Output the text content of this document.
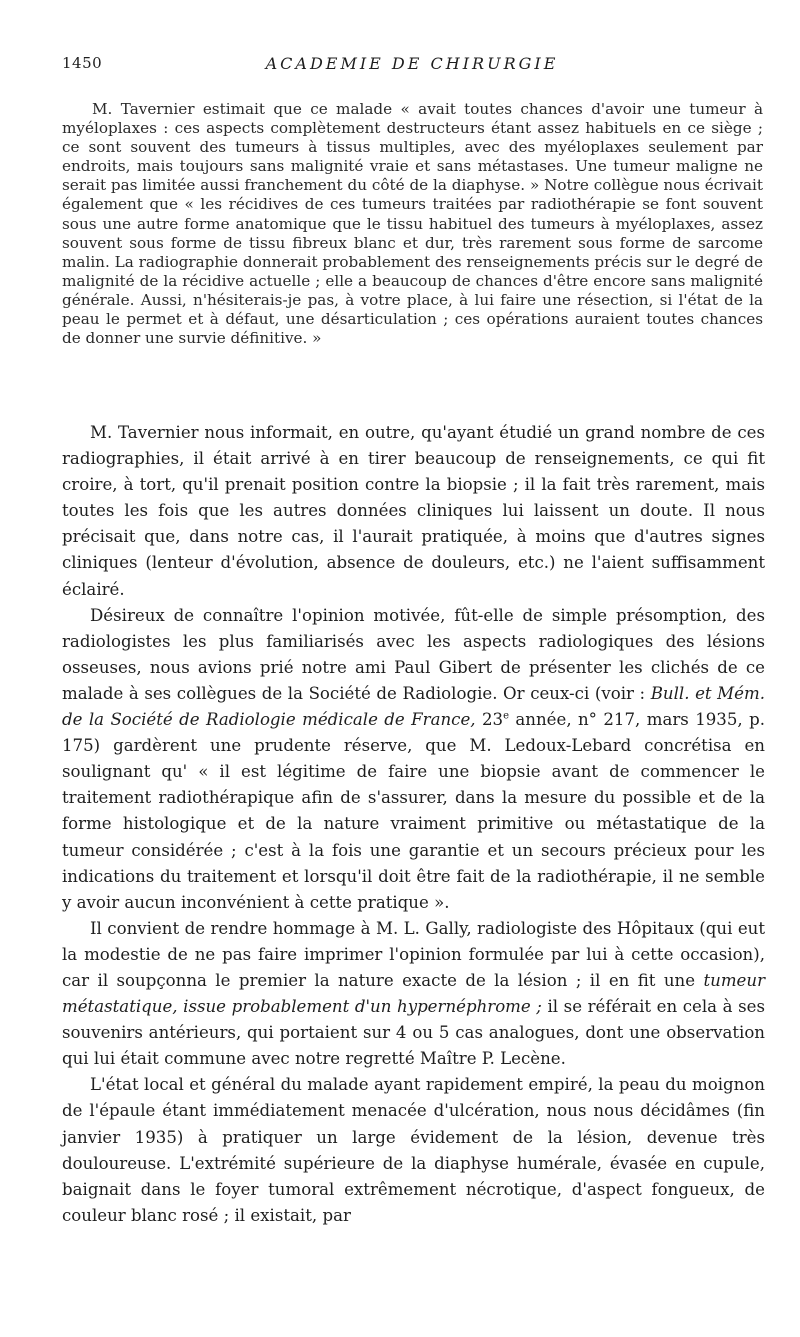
1450	ACADEMIE DE CHIRURGIE

M. Tavernier estimait que ce malade « avait toutes chances d'avoir une tumeur à myéloplaxes : ces aspects complètement destructeurs étant assez habituels en ce siège ; ce sont souvent des tumeurs à tissus multiples, avec des myéloplaxes seulement par endroits, mais toujours sans malignité vraie et sans métastases. Une tumeur maligne ne serait pas limitée aussi franchement du côté de la diaphyse. » Notre collègue nous écrivait également que « les récidives de ces tumeurs traitées par radiothérapie se font souvent sous une autre forme anatomique que le tissu habituel des tumeurs à myéloplaxes, assez souvent sous forme de tissu fibreux blanc et dur, très rarement sous forme de sarcome malin. La radiographie donnerait probablement des renseignements précis sur le degré de malignité de la récidive actuelle ; elle a beaucoup de chances d'être encore sans malignité générale. Aussi, n'hésiterais-je pas, à votre place, à lui faire une résection, si l'état de la peau le permet et à défaut, une désarticulation ; ces opérations auraient toutes chances de donner une survie définitive. »

M. Tavernier nous informait, en outre, qu'ayant étudié un grand nombre de ces radiographies, il était arrivé à en tirer beaucoup de renseignements, ce qui fit croire, à tort, qu'il prenait position contre la biopsie ; il la fait très rarement, mais toutes les fois que les autres données cliniques lui laissent un doute. Il nous précisait que, dans notre cas, il l'aurait pratiquée, à moins que d'autres signes cliniques (lenteur d'évolution, absence de douleurs, etc.) ne l'aient suffisamment éclairé.

Désireux de connaître l'opinion motivée, fût-elle de simple présomption, des radiologistes les plus familiarisés avec les aspects radiologiques des lésions osseuses, nous avions prié notre ami Paul Gibert de présenter les clichés de ce malade à ses collègues de la Société de Radiologie. Or ceux-ci (voir : Bull. et Mém. de la Société de Radiologie médicale de France, 23e année, n° 217, mars 1935, p. 175) gardèrent une prudente réserve, que M. Ledoux-Lebard concrétisa en soulignant qu' « il est légitime de faire une biopsie avant de commencer le traitement radiothérapique afin de s'assurer, dans la mesure du possible et de la forme histologique et de la nature vraiment primitive ou métastatique de la tumeur considérée ; c'est à la fois une garantie et un secours précieux pour les indications du traitement et lorsqu'il doit être fait de la radiothérapie, il ne semble y avoir aucun inconvénient à cette pratique ».

Il convient de rendre hommage à M. L. Gally, radiologiste des Hôpitaux (qui eut la modestie de ne pas faire imprimer l'opinion formulée par lui à cette occasion), car il soupçonna le premier la nature exacte de la lésion ; il en fit une tumeur métastatique, issue probablement d'un hypernéphrome ; il se référait en cela à ses souvenirs antérieurs, qui portaient sur 4 ou 5 cas analogues, dont une observation qui lui était commune avec notre regretté Maître P. Lecène.

L'état local et général du malade ayant rapidement empiré, la peau du moignon de l'épaule étant immédiatement menacée d'ulcération, nous nous décidâmes (fin janvier 1935) à pratiquer un large évidement de la lésion, devenue très douloureuse. L'extrémité supérieure de la diaphyse humérale, évasée en cupule, baignait dans le foyer tumoral extrêmement nécrotique, d'aspect fongueux, de couleur blanc rosé ; il existait, par
